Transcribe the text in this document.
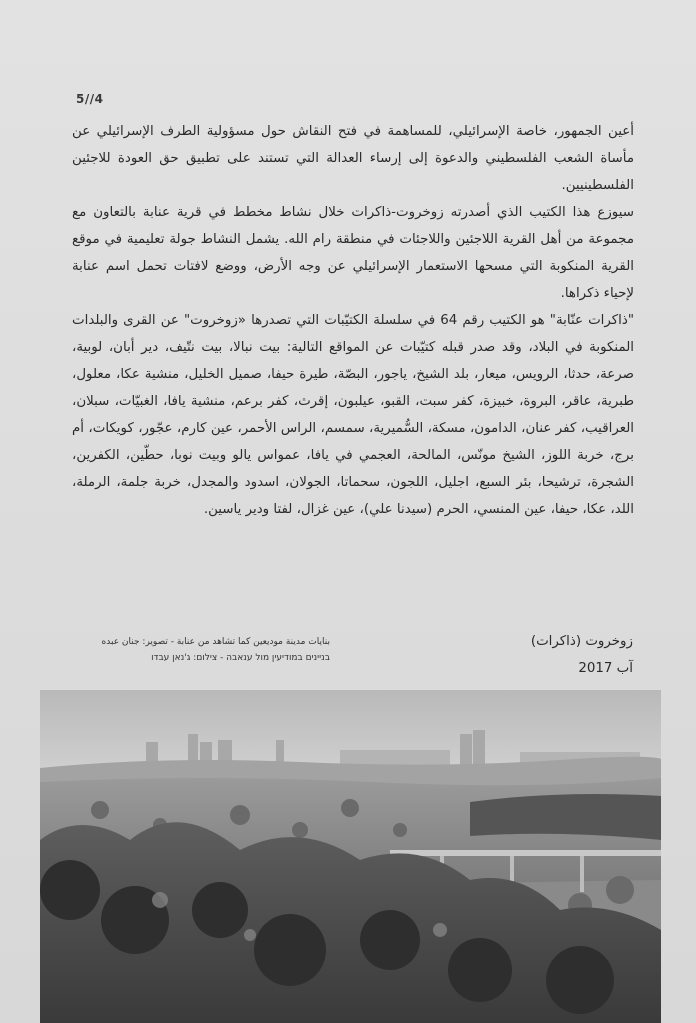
5//4

أعين الجمهور، خاصة الإسرائيلي، للمساهمة في فتح النقاش حول مسؤولية الطرف الإسرائيلي عن مأساة الشعب الفلسطيني والدعوة إلى إرساء العدالة التي تستند على تطبيق حق العودة للاجئين الفلسطينيين.

سيوزع هذا الكتيب الذي أصدرته زوخروت-ذاكرات خلال نشاط مخطط في قرية عنابة بالتعاون مع مجموعة من أهل القرية اللاجئين واللاجئات في منطقة رام الله. يشمل النشاط جولة تعليمية في موقع القرية المنكوبة التي مسحها الاستعمار الإسرائيلي عن وجه الأرض، ووضع لافتات تحمل اسم عنابة لإحياء ذكراها.

"ذاكرات عنّابة" هو الكتيب رقم 64 في سلسلة الكتيّبات التي تصدرها «زوخروت" عن القرى والبلدات المنكوبة في البلاد، وقد صدر قبله كتيّبات عن المواقع التالية: بيت نبالا، بيت نتّيف، دير أبان، لوبية، صرعة، حدثا، الرويس، ميعار، بلد الشيخ، ياجور، البصّة، طيرة حيفا، صميل الخليل، منشية عكا، معلول، طبرية، عاقر، البروة، خبيزة، كفر سبت، القبو، عيلبون، إقرث، كفر برعم، منشية يافا، الغبيّات، سبلان، العراقيب، كفر عنان، الدامون، مسكة، السُّميرية، سمسم، الراس الأحمر، عين كارم، عجّور، كويكات، أم برج، خربة اللوز، الشيخ مونّس، المالحة، العجمي في يافا، عمواس يالو وبيت نوبا، حطّين، الكفرين، الشجرة، ترشيحا، بئر السبع، اجليل، اللجون، سحماتا، الجولان، اسدود والمجدل، خربة جلمة، الرملة، اللد، عكا، حيفا، عين المنسي، الحرم (سيدنا علي)، عين غزال، لفتا ودير ياسين.

زوخروت (ذاكرات)
آب 2017
بنايات مدينة موديعين كما تشاهد من عنابة - تصوير: جنان عبده
בניינים במודיעין מול ענאבה - צילום: ג'נאן עבדו
